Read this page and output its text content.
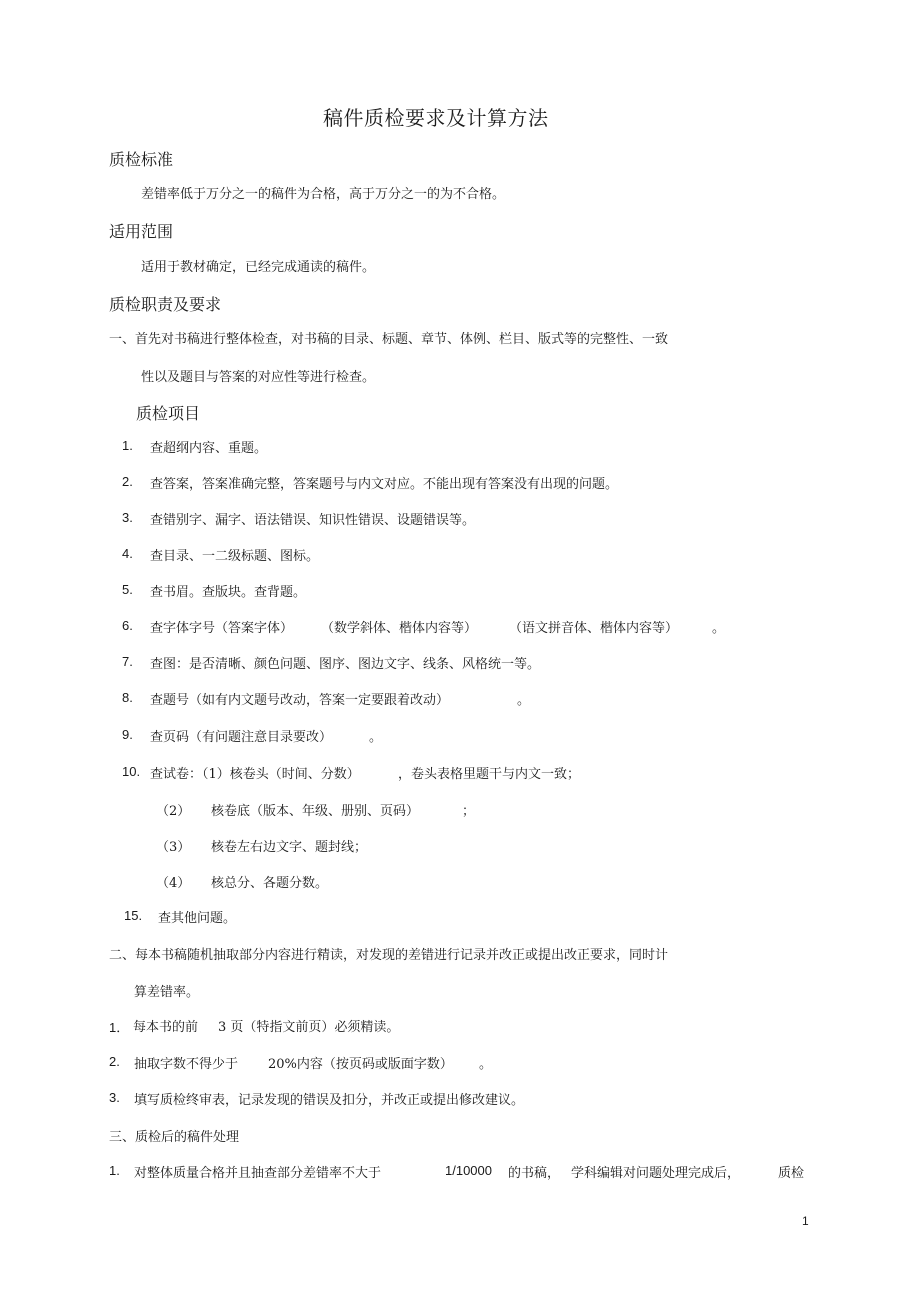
稿件质检要求及计算方法
质检标准
差错率低于万分之一的稿件为合格，高于万分之一的为不合格。
适用范围
适用于教材确定，已经完成通读的稿件。
质检职责及要求
一、首先对书稿进行整体检查，对书稿的目录、标题、章节、体例、栏目、版式等的完整性、一致
性以及题目与答案的对应性等进行检查。
质检项目
1. 查超纲内容、重题。
2. 查答案，答案准确完整，答案题号与内文对应。不能出现有答案没有出现的问题。
3. 查错别字、漏字、语法错误、知识性错误、设题错误等。
4. 查目录、一二级标题、图标。
5. 查书眉。查版块。查背题。
6. 查字体字号（答案字体） （数学斜体、楷体内容等） （语文拼音体、楷体内容等）	。
7. 查图：是否清晰、颜色问题、图序、图边文字、线条、风格统一等。
8. 查题号（如有内文题号改动，答案一定要跟着改动）	。
9. 查页码（有问题注意目录要改）	。
10. 查试卷：（1）核卷头（时间、分数）	，卷头表格里题干与内文一致；
（2） 核卷底（版本、年级、册别、页码）	；
（3） 核卷左右边文字、题封线；
（4） 核总分、各题分数。
15. 查其他问题。
二、每本书稿随机抽取部分内容进行精读，对发现的差错进行记录并改正或提出改正要求，同时计
算差错率。
1． 每本书的前 3 页（特指文前页）必须精读。
2. 抽取字数不得少于 20%内容（按页码或版面字数） 。
3. 填写质检终审表，记录发现的错误及扣分，并改正或提出修改建议。
三、质检后的稿件处理
1. 对整体质量合格并且抽查部分差错率不大于	1/10000 的书稿， 学科编辑对问题处理完成后，	质检
1
